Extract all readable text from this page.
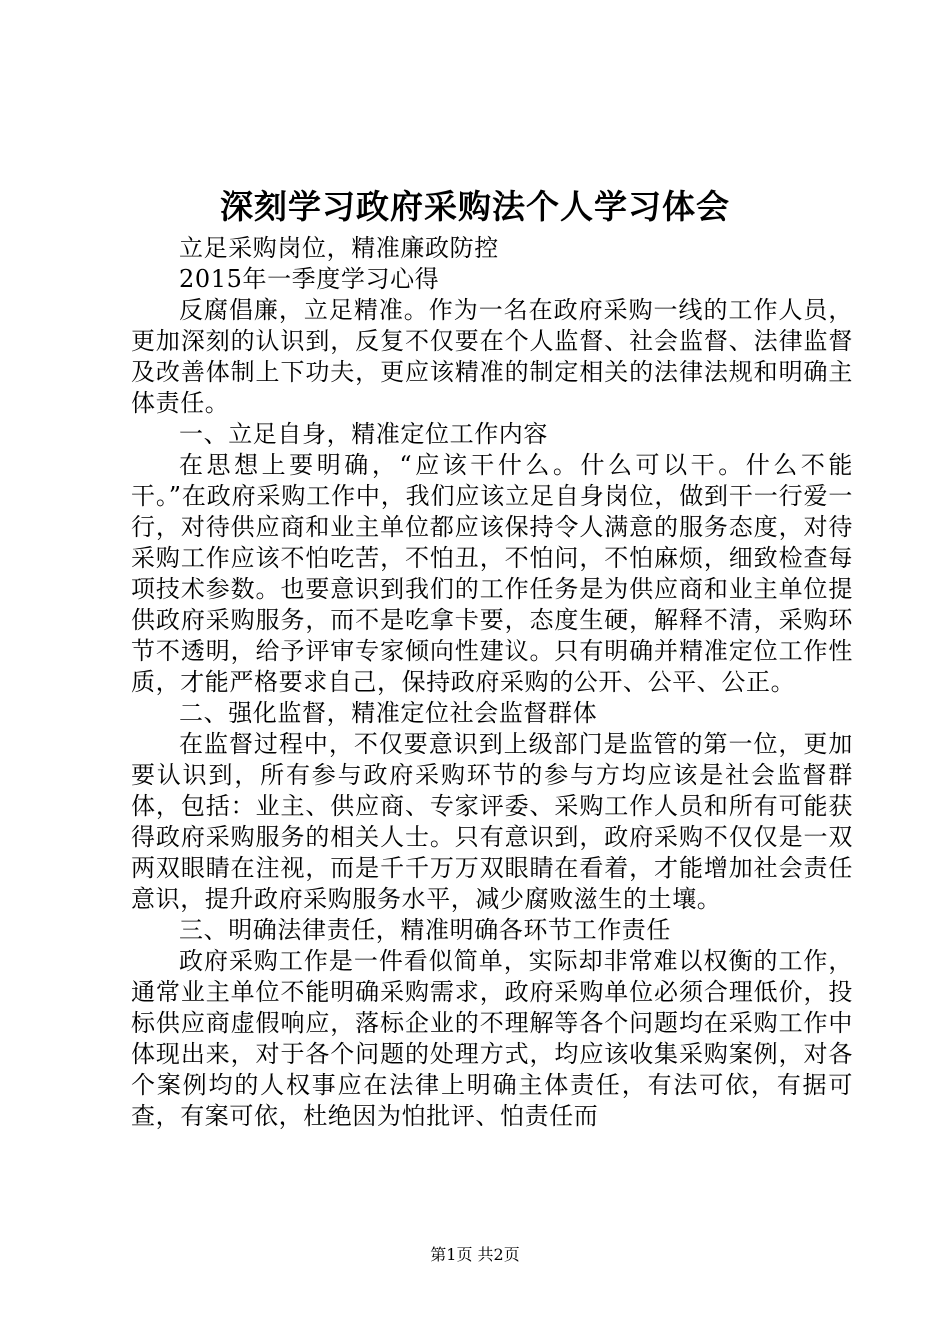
深刻学习政府采购法个人学习体会

立足采购岗位，精准廉政防控

2015年一季度学习心得

反腐倡廉，立足精准。作为一名在政府采购一线的工作人员，更加深刻的认识到，反复不仅要在个人监督、社会监督、法律监督及改善体制上下功夫，更应该精准的制定相关的法律法规和明确主体责任。

一、立足自身，精准定位工作内容

在思想上要明确，“应该干什么。什么可以干。什么不能干。”在政府采购工作中，我们应该立足自身岗位，做到干一行爱一行，对待供应商和业主单位都应该保持令人满意的服务态度，对待采购工作应该不怕吃苦，不怕丑，不怕问，不怕麻烦，细致检查每项技术参数。也要意识到我们的工作任务是为供应商和业主单位提供政府采购服务，而不是吃拿卡要，态度生硬，解释不清，采购环节不透明，给予评审专家倾向性建议。只有明确并精准定位工作性质，才能严格要求自己，保持政府采购的公开、公平、公正。

二、强化监督，精准定位社会监督群体

在监督过程中，不仅要意识到上级部门是监管的第一位，更加要认识到，所有参与政府采购环节的参与方均应该是社会监督群体，包括：业主、供应商、专家评委、采购工作人员和所有可能获得政府采购服务的相关人士。只有意识到，政府采购不仅仅是一双两双眼睛在注视，而是千千万万双眼睛在看着，才能增加社会责任意识，提升政府采购服务水平，减少腐败滋生的土壤。

三、明确法律责任，精准明确各环节工作责任

政府采购工作是一件看似简单，实际却非常难以权衡的工作，通常业主单位不能明确采购需求，政府采购单位必须合理低价，投标供应商虚假响应，落标企业的不理解等各个问题均在采购工作中体现出来，对于各个问题的处理方式，均应该收集采购案例，对各个案例均的人权事应在法律上明确主体责任，有法可依，有据可查，有案可依，杜绝因为怕批评、怕责任而

第1页 共2页
